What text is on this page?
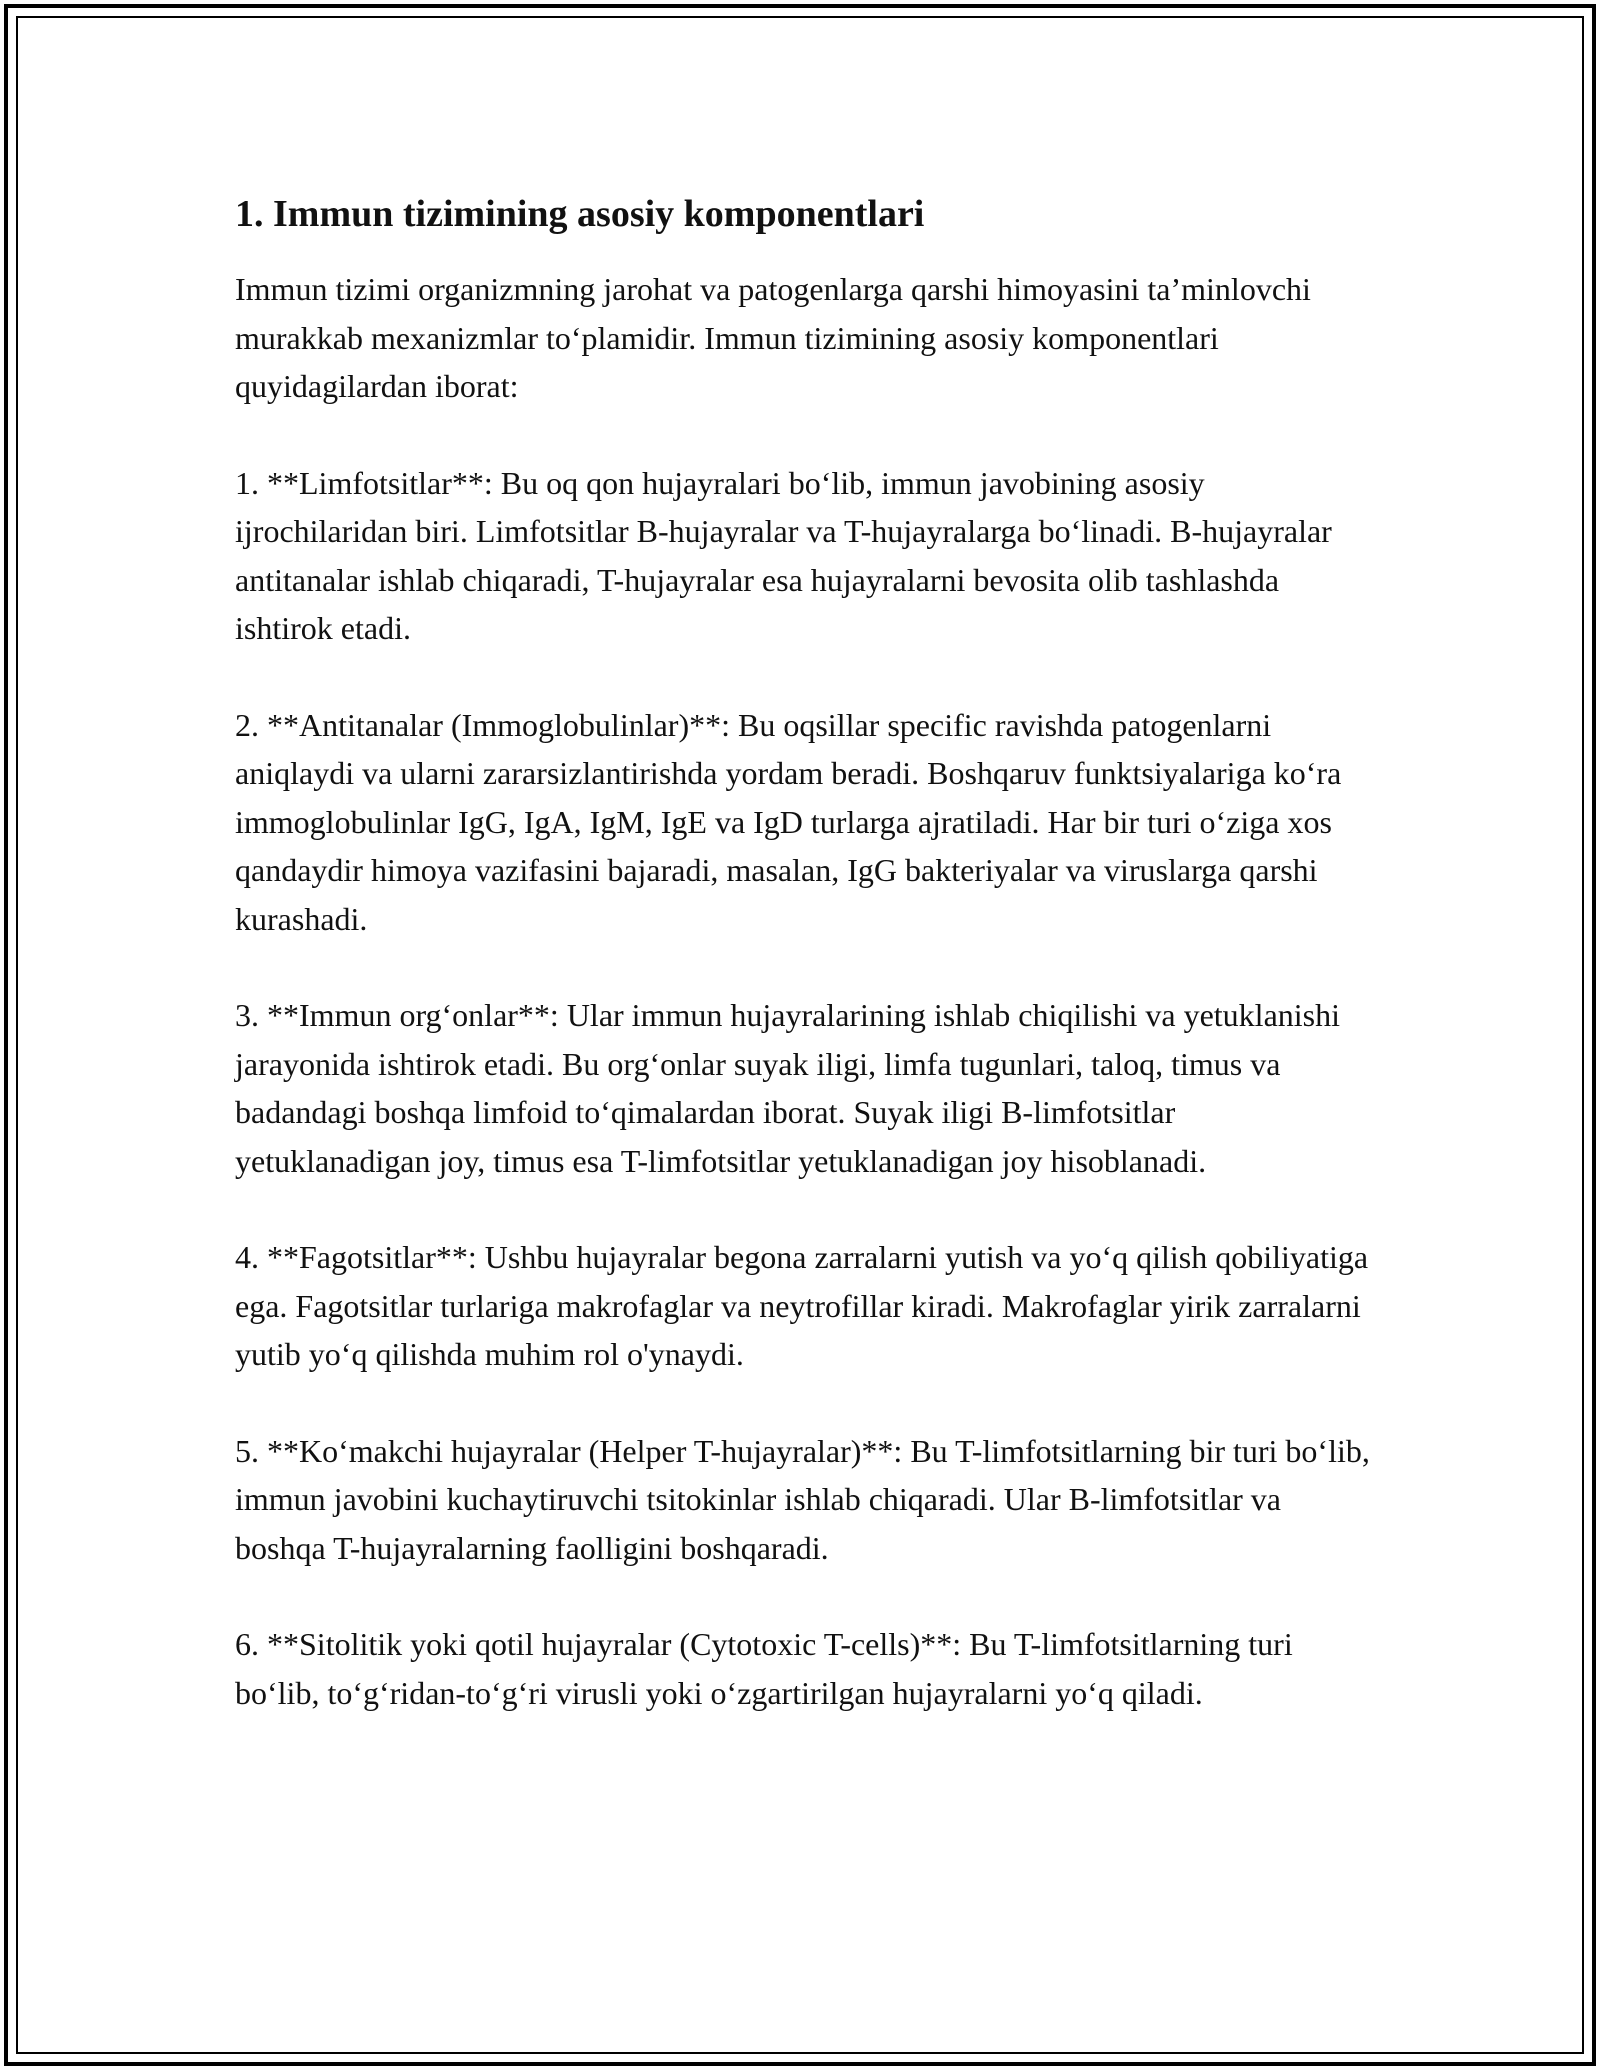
1. Immun tizimining asosiy komponentlari

Immun tizimi organizmning jarohat va patogenlarga qarshi himoyasini ta’minlovchi murakkab mexanizmlar to‘plamidir. Immun tizimining asosiy komponentlari quyidagilardan iborat:

1. **Limfotsitlar**: Bu oq qon hujayralari bo‘lib, immun javobining asosiy ijrochilaridan biri. Limfotsitlar B-hujayralar va T-hujayralarga bo‘linadi. B-hujayralar antitanalar ishlab chiqaradi, T-hujayralar esa hujayralarni bevosita olib tashlashda ishtirok etadi.

2. **Antitanalar (Immoglobulinlar)**: Bu oqsillar specific ravishda patogenlarni aniqlaydi va ularni zararsizlantirishda yordam beradi. Boshqaruv funktsiyalariga ko‘ra immoglobulinlar IgG, IgA, IgM, IgE va IgD turlarga ajratiladi. Har bir turi o‘ziga xos qandaydir himoya vazifasini bajaradi, masalan, IgG bakteriyalar va viruslarga qarshi kurashadi.

3. **Immun org‘onlar**: Ular immun hujayralarining ishlab chiqilishi va yetuklanishi jarayonida ishtirok etadi. Bu org‘onlar suyak iligi, limfa tugunlari, taloq, timus va badandagi boshqa limfoid to‘qimalardan iborat. Suyak iligi B-limfotsitlar yetuklanadigan joy, timus esa T-limfotsitlar yetuklanadigan joy hisoblanadi.

4. **Fagotsitlar**: Ushbu hujayralar begona zarralarni yutish va yo‘q qilish qobiliyatiga ega. Fagotsitlar turlariga makrofaglar va neytrofillar kiradi. Makrofaglar yirik zarralarni yutib yo‘q qilishda muhim rol o'ynaydi.

5. **Ko‘makchi hujayralar (Helper T-hujayralar)**: Bu T-limfotsitlarning bir turi bo‘lib, immun javobini kuchaytiruvchi tsitokinlar ishlab chiqaradi. Ular B-limfotsitlar va boshqa T-hujayralarning faolligini boshqaradi.

6. **Sitolitik yoki qotil hujayralar (Cytotoxic T-cells)**: Bu T-limfotsitlarning turi bo‘lib, to‘g‘ridan-to‘g‘ri virusli yoki o‘zgartirilgan hujayralarni yo‘q qiladi.
